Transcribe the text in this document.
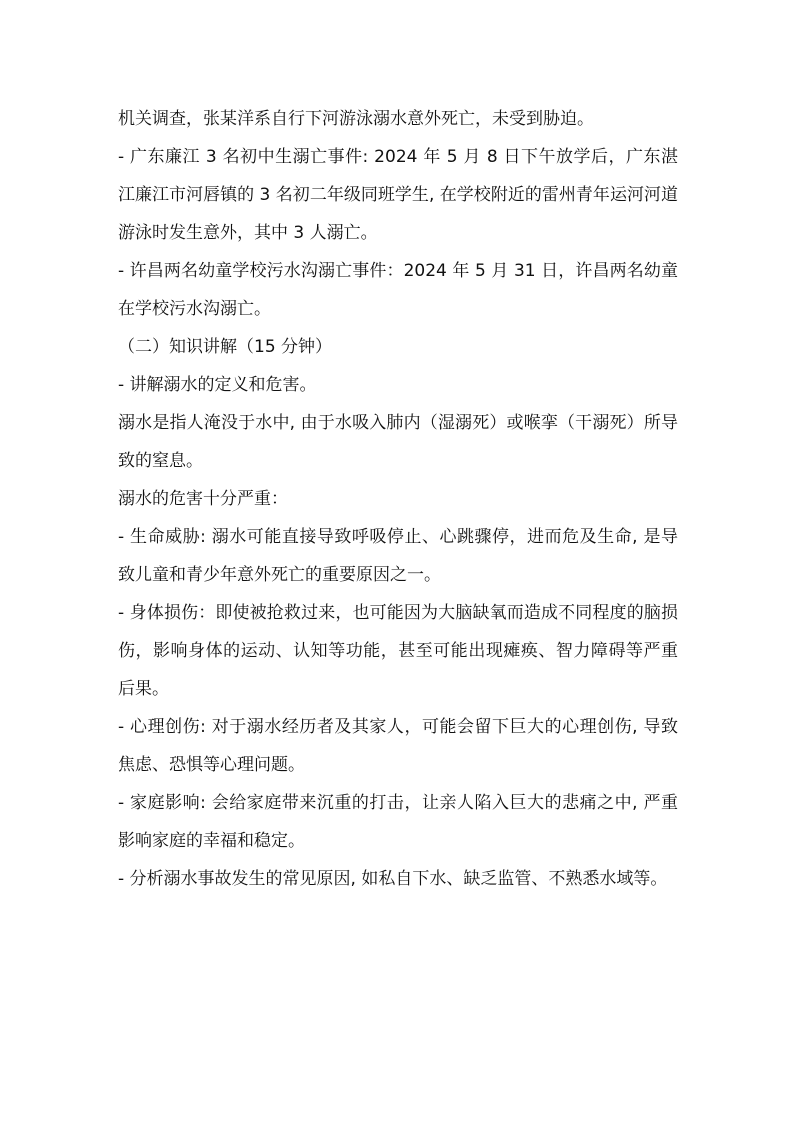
机关调查，张某洋系自行下河游泳溺水意外死亡，未受到胁迫。

- 广东廉江 3 名初中生溺亡事件: 2024 年 5 月 8 日下午放学后，广东湛江廉江市河唇镇的 3 名初二年级同班学生, 在学校附近的雷州青年运河河道游泳时发生意外，其中 3 人溺亡。

- 许昌两名幼童学校污水沟溺亡事件：2024 年 5 月 31 日，许昌两名幼童在学校污水沟溺亡。

（二）知识讲解（15 分钟）

- 讲解溺水的定义和危害。

溺水是指人淹没于水中, 由于水吸入肺内（湿溺死）或喉挛（干溺死）所导致的窒息。

溺水的危害十分严重：

- 生命威胁: 溺水可能直接导致呼吸停止、心跳骤停，进而危及生命, 是导致儿童和青少年意外死亡的重要原因之一。

- 身体损伤：即使被抢救过来，也可能因为大脑缺氧而造成不同程度的脑损伤，影响身体的运动、认知等功能，甚至可能出现瘫痪、智力障碍等严重后果。

- 心理创伤: 对于溺水经历者及其家人，可能会留下巨大的心理创伤, 导致焦虑、恐惧等心理问题。

- 家庭影响: 会给家庭带来沉重的打击，让亲人陷入巨大的悲痛之中, 严重影响家庭的幸福和稳定。

- 分析溺水事故发生的常见原因, 如私自下水、缺乏监管、不熟悉水域等。
